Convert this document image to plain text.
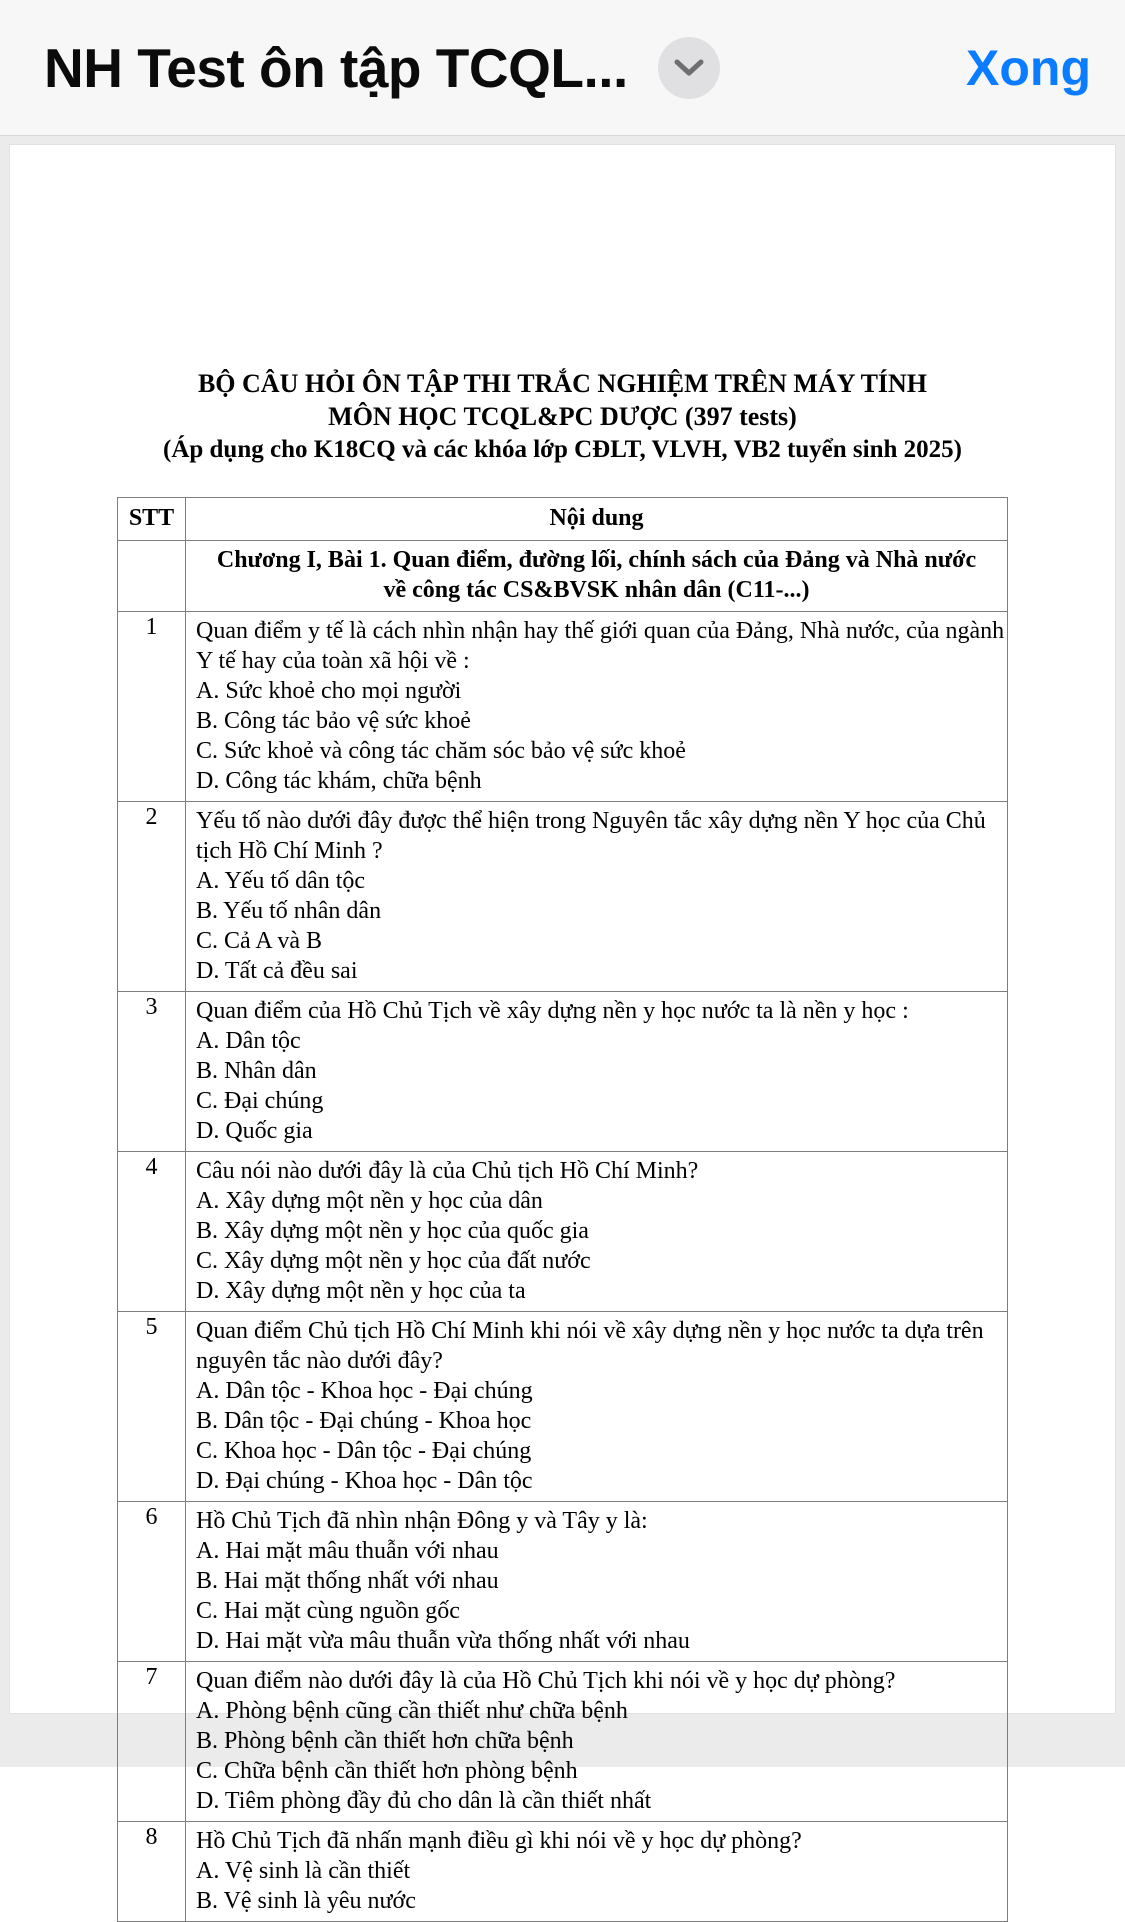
NH Test ôn tập TCQL...	Xong
BỘ CÂU HỎI ÔN TẬP THI TRẮC NGHIỆM TRÊN MÁY TÍNH
MÔN HỌC TCQL&PC DƯỢC (397 tests)
(Áp dụng cho K18CQ và các khóa lớp CĐLT, VLVH, VB2 tuyển sinh 2025)
STT	Nội dung

	Chương I, Bài 1. Quan điểm, đường lối, chính sách của Đảng và Nhà nước
về công tác CS&BVSK nhân dân (C11-...)

1	Quan điểm y tế là cách nhìn nhận hay thế giới quan của Đảng, Nhà nước, của ngành
Y tế hay của toàn xã hội về :
A. Sức khoẻ cho mọi người
B. Công tác bảo vệ sức khoẻ
C. Sức khoẻ và công tác chăm sóc bảo vệ sức khoẻ
D. Công tác khám, chữa bệnh

2	Yếu tố nào dưới đây được thể hiện trong Nguyên tắc xây dựng nền Y học của Chủ
tịch Hồ Chí Minh ?
A. Yếu tố dân tộc
B. Yếu tố nhân dân
C. Cả A và B
D. Tất cả đều sai

3	Quan điểm của Hồ Chủ Tịch về xây dựng nền y học nước ta là nền y học :
A. Dân tộc
B. Nhân dân
C. Đại chúng
D. Quốc gia

4	Câu nói nào dưới đây là của Chủ tịch Hồ Chí Minh?
A. Xây dựng một nền y học của dân
B. Xây dựng một nền y học của quốc gia
C. Xây dựng một nền y học của đất nước
D. Xây dựng một nền y học của ta

5	Quan điểm Chủ tịch Hồ Chí Minh khi nói về xây dựng nền y học nước ta dựa trên
nguyên tắc nào dưới đây?
A. Dân tộc - Khoa học - Đại chúng
B. Dân tộc - Đại chúng - Khoa học
C. Khoa học - Dân tộc - Đại chúng
D. Đại chúng - Khoa học - Dân tộc

6	Hồ Chủ Tịch đã nhìn nhận Đông y và Tây y là:
A. Hai mặt mâu thuẫn với nhau
B. Hai mặt thống nhất với nhau
C. Hai mặt cùng nguồn gốc
D. Hai mặt vừa mâu thuẫn vừa thống nhất với nhau

7	Quan điểm nào dưới đây là của Hồ Chủ Tịch khi nói về y học dự phòng?
A. Phòng bệnh cũng cần thiết như chữa bệnh
B. Phòng bệnh cần thiết hơn chữa bệnh
C. Chữa bệnh cần thiết hơn phòng bệnh
D. Tiêm phòng đầy đủ cho dân là cần thiết nhất

8	Hồ Chủ Tịch đã nhấn mạnh điều gì khi nói về y học dự phòng?
A. Vệ sinh là cần thiết
B. Vệ sinh là yêu nước
